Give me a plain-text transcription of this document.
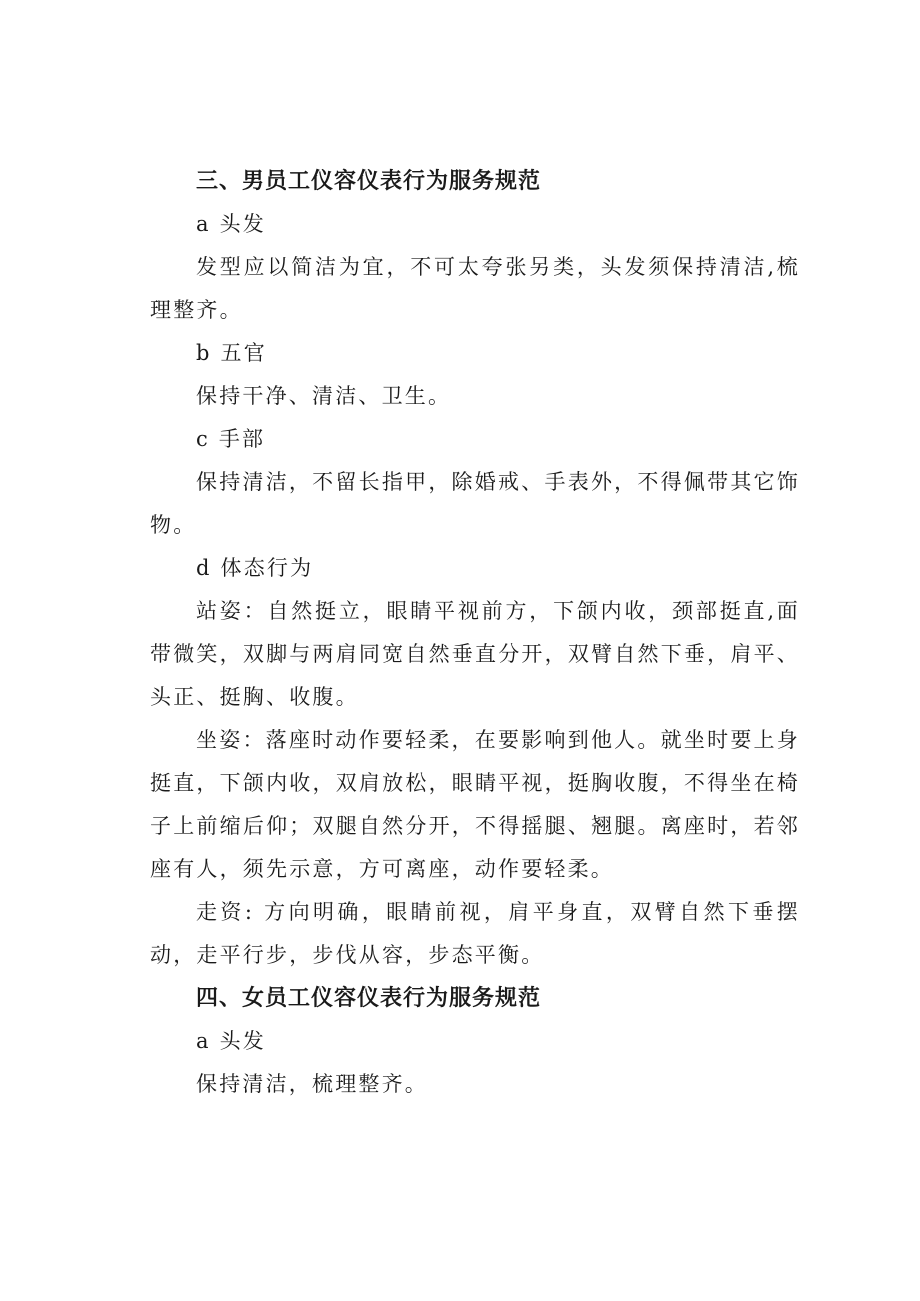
三、男员工仪容仪表行为服务规范

a 头发

发型应以简洁为宜，不可太夸张另类，头发须保持清洁,梳理整齐。

b 五官

保持干净、清洁、卫生。

c 手部

保持清洁，不留长指甲，除婚戒、手表外，不得佩带其它饰物。

d 体态行为

站姿：自然挺立，眼睛平视前方，下颌内收，颈部挺直,面带微笑，双脚与两肩同宽自然垂直分开，双臂自然下垂，肩平、头正、挺胸、收腹。

坐姿：落座时动作要轻柔，在要影响到他人。就坐时要上身挺直，下颌内收，双肩放松，眼睛平视，挺胸收腹，不得坐在椅子上前缩后仰；双腿自然分开，不得摇腿、翘腿。离座时，若邻座有人，须先示意，方可离座，动作要轻柔。

走资: 方向明确，眼睛前视，肩平身直，双臂自然下垂摆动，走平行步，步伐从容，步态平衡。

四、女员工仪容仪表行为服务规范

a 头发

保持清洁，梳理整齐。
